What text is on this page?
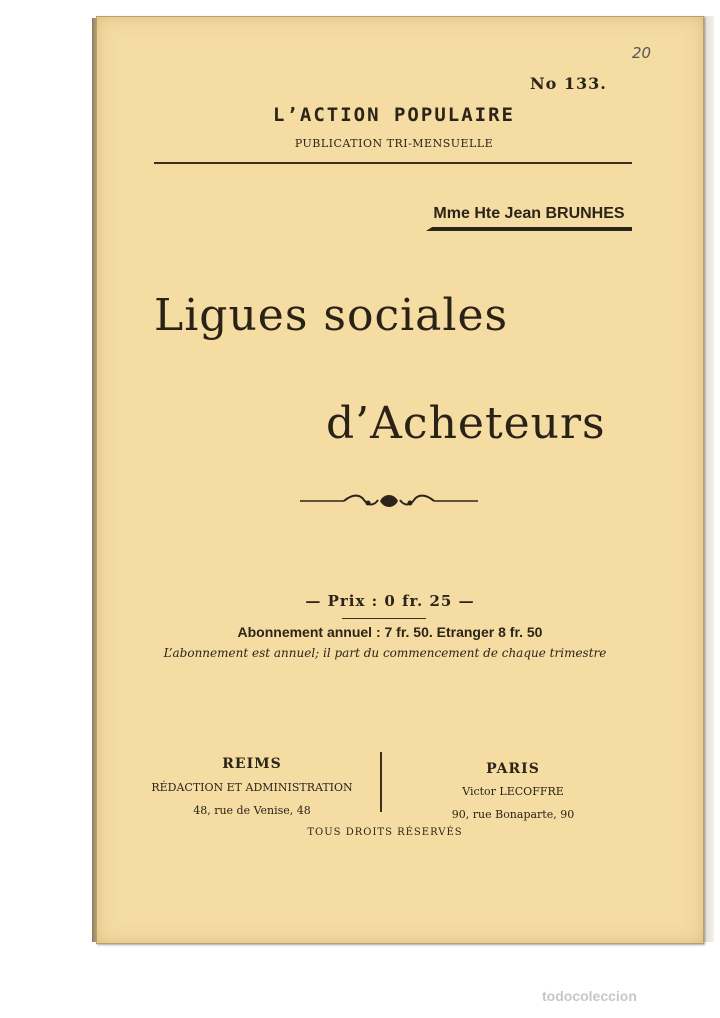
20
No 133.
L’ACTION POPULAIRE
PUBLICATION TRI-MENSUELLE
Mme Hte Jean BRUNHES
Ligues sociales
d’Acheteurs
— Prix : 0 fr. 25 —
Abonnement annuel : 7 fr. 50. Etranger 8 fr. 50
L’abonnement est annuel; il part du commencement de chaque trimestre
REIMS
RÉDACTION ET ADMINISTRATION
48, rue de Venise, 48
PARIS
Victor LECOFFRE
90, rue Bonaparte, 90
TOUS DROITS RÉSERVÉS
todocoleccion
